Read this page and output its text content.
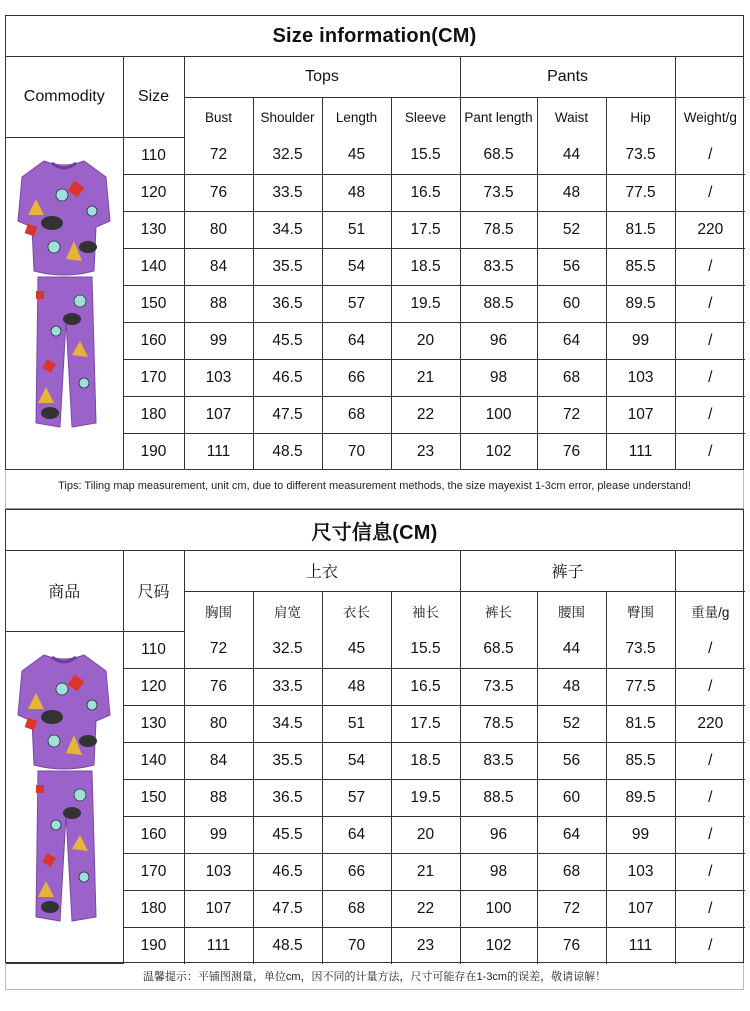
Size information(CM)
Commodity	Size	Tops				Pants			
		Bust	Shoulder	Length	Sleeve	Pant length	Waist	Hip	Weight/g
	110	72	32.5	45	15.5	68.5	44	73.5	/
	120	76	33.5	48	16.5	73.5	48	77.5	/
	130	80	34.5	51	17.5	78.5	52	81.5	220
	140	84	35.5	54	18.5	83.5	56	85.5	/
	150	88	36.5	57	19.5	88.5	60	89.5	/
	160	99	45.5	64	20	96	64	99	/
	170	103	46.5	66	21	98	68	103	/
	180	107	47.5	68	22	100	72	107	/
	190	111	48.5	70	23	102	76	111	/
Tips: Tiling map measurement, unit cm, due to different measurement methods, the size mayexist 1-3cm error, please understand!
尺寸信息(CM)
商品	尺码	上衣				裤子			
		胸围	肩宽	衣长	袖长	裤长	腰围	臀围	重量/g
	110	72	32.5	45	15.5	68.5	44	73.5	/
	120	76	33.5	48	16.5	73.5	48	77.5	/
	130	80	34.5	51	17.5	78.5	52	81.5	220
	140	84	35.5	54	18.5	83.5	56	85.5	/
	150	88	36.5	57	19.5	88.5	60	89.5	/
	160	99	45.5	64	20	96	64	99	/
	170	103	46.5	66	21	98	68	103	/
	180	107	47.5	68	22	100	72	107	/
	190	111	48.5	70	23	102	76	111	/
温馨提示：平铺图测量，单位cm，因不同的计量方法，尺寸可能存在1-3cm的误差，敬请谅解！
